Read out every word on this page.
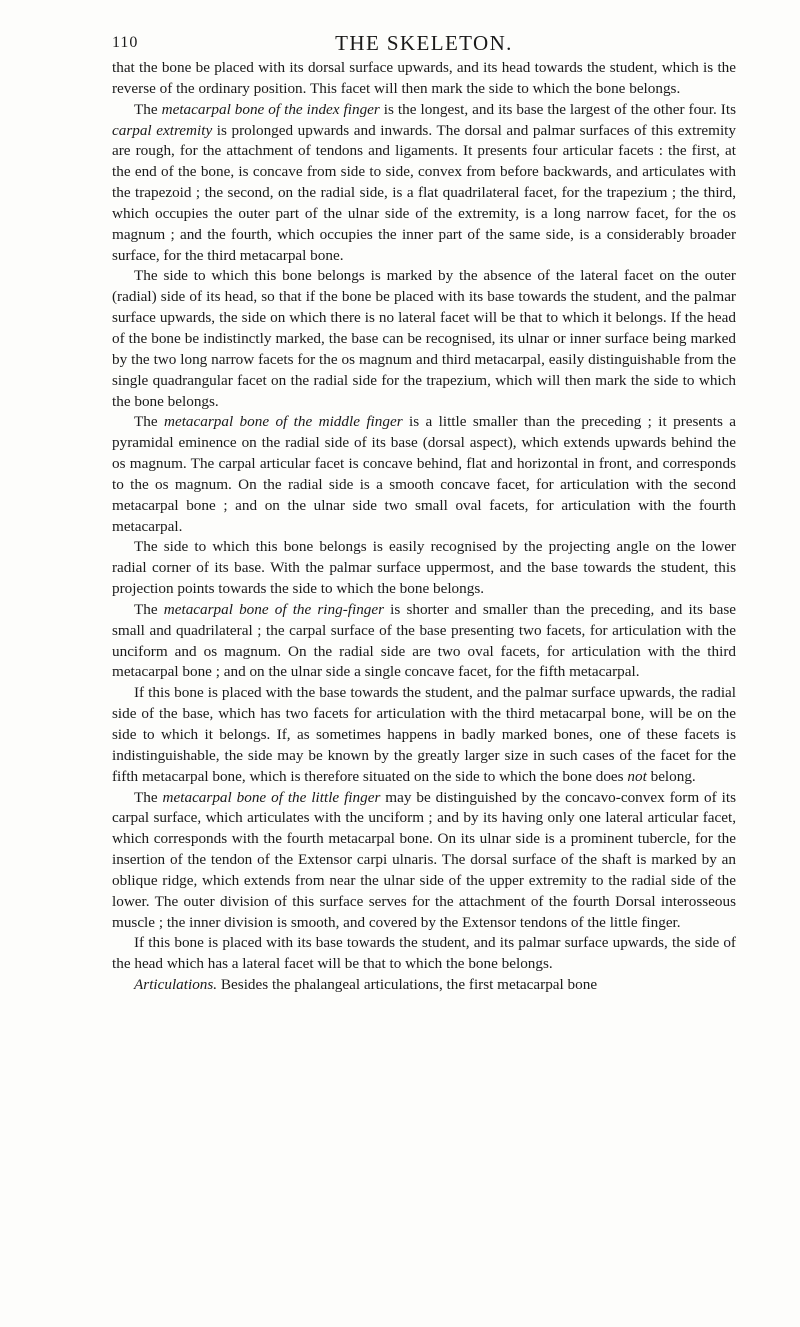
110	THE SKELETON.

that the bone be placed with its dorsal surface upwards, and its head towards the student, which is the reverse of the ordinary position. This facet will then mark the side to which the bone belongs.

The metacarpal bone of the index finger is the longest, and its base the largest of the other four. Its carpal extremity is prolonged upwards and inwards. The dorsal and palmar surfaces of this extremity are rough, for the attachment of tendons and ligaments. It presents four articular facets : the first, at the end of the bone, is concave from side to side, convex from before backwards, and articulates with the trapezoid ; the second, on the radial side, is a flat quadrilateral facet, for the trapezium ; the third, which occupies the outer part of the ulnar side of the extremity, is a long narrow facet, for the os magnum ; and the fourth, which occupies the inner part of the same side, is a considerably broader surface, for the third metacarpal bone.

The side to which this bone belongs is marked by the absence of the lateral facet on the outer (radial) side of its head, so that if the bone be placed with its base towards the student, and the palmar surface upwards, the side on which there is no lateral facet will be that to which it belongs. If the head of the bone be indistinctly marked, the base can be recognised, its ulnar or inner surface being marked by the two long narrow facets for the os magnum and third metacarpal, easily distinguishable from the single quadrangular facet on the radial side for the trapezium, which will then mark the side to which the bone belongs.

The metacarpal bone of the middle finger is a little smaller than the preceding ; it presents a pyramidal eminence on the radial side of its base (dorsal aspect), which extends upwards behind the os magnum. The carpal articular facet is concave behind, flat and horizontal in front, and corresponds to the os magnum. On the radial side is a smooth concave facet, for articulation with the second metacarpal bone ; and on the ulnar side two small oval facets, for articulation with the fourth metacarpal.

The side to which this bone belongs is easily recognised by the projecting angle on the lower radial corner of its base. With the palmar surface uppermost, and the base towards the student, this projection points towards the side to which the bone belongs.

The metacarpal bone of the ring-finger is shorter and smaller than the preceding, and its base small and quadrilateral ; the carpal surface of the base presenting two facets, for articulation with the unciform and os magnum. On the radial side are two oval facets, for articulation with the third metacarpal bone ; and on the ulnar side a single concave facet, for the fifth metacarpal.

If this bone is placed with the base towards the student, and the palmar surface upwards, the radial side of the base, which has two facets for articulation with the third metacarpal bone, will be on the side to which it belongs. If, as sometimes happens in badly marked bones, one of these facets is indistinguishable, the side may be known by the greatly larger size in such cases of the facet for the fifth metacarpal bone, which is therefore situated on the side to which the bone does not belong.

The metacarpal bone of the little finger may be distinguished by the concavo-convex form of its carpal surface, which articulates with the unciform ; and by its having only one lateral articular facet, which corresponds with the fourth metacarpal bone. On its ulnar side is a prominent tubercle, for the insertion of the tendon of the Extensor carpi ulnaris. The dorsal surface of the shaft is marked by an oblique ridge, which extends from near the ulnar side of the upper extremity to the radial side of the lower. The outer division of this surface serves for the attachment of the fourth Dorsal interosseous muscle ; the inner division is smooth, and covered by the Extensor tendons of the little finger.

If this bone is placed with its base towards the student, and its palmar surface upwards, the side of the head which has a lateral facet will be that to which the bone belongs.

Articulations. Besides the phalangeal articulations, the first metacarpal bone
